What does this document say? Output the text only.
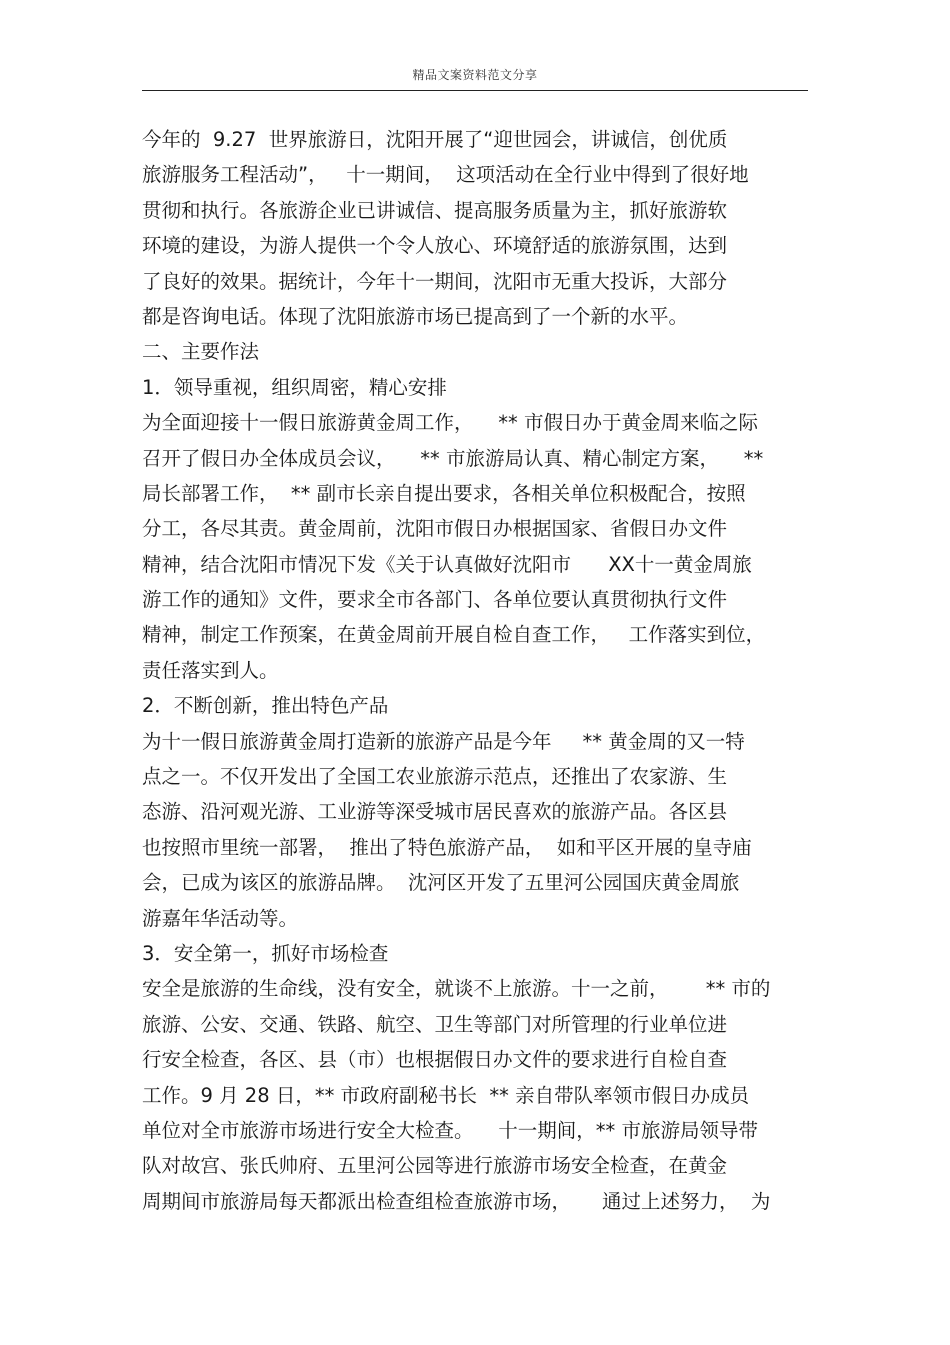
精品文案资料范文分享
今年的  9.27  世界旅游日，沈阳开展了“迎世园会，讲诚信，创优质
旅游服务工程活动”，   十一期间，  这项活动在全行业中得到了很好地
贯彻和执行。各旅游企业已讲诚信、提高服务质量为主，抓好旅游软
环境的建设，为游人提供一个令人放心、环境舒适的旅游氛围，达到
了良好的效果。据统计，今年十一期间，沈阳市无重大投诉，大部分
都是咨询电话。体现了沈阳旅游市场已提高到了一个新的水平。
二、主要作法
1．领导重视，组织周密，精心安排
为全面迎接十一假日旅游黄金周工作，    ** 市假日办于黄金周来临之际
召开了假日办全体成员会议，    ** 市旅游局认真、精心制定方案，    **
局长部署工作，  ** 副市长亲自提出要求，各相关单位积极配合，按照
分工，各尽其责。黄金周前，沈阳市假日办根据国家、省假日办文件
精神，结合沈阳市情况下发《关于认真做好沈阳市      XX十一黄金周旅
游工作的通知》文件，要求全市各部门、各单位要认真贯彻执行文件
精神，制定工作预案，在黄金周前开展自检自查工作，   工作落实到位，
责任落实到人。
2．不断创新，推出特色产品
为十一假日旅游黄金周打造新的旅游产品是今年     ** 黄金周的又一特
点之一。不仅开发出了全国工农业旅游示范点，还推出了农家游、生
态游、沿河观光游、工业游等深受城市居民喜欢的旅游产品。各区县
也按照市里统一部署，  推出了特色旅游产品，  如和平区开展的皇寺庙
会，已成为该区的旅游品牌。  沈河区开发了五里河公园国庆黄金周旅
游嘉年华活动等。
3．安全第一，抓好市场检查
安全是旅游的生命线，没有安全，就谈不上旅游。十一之前，      ** 市的
旅游、公安、交通、铁路、航空、卫生等部门对所管理的行业单位进
行安全检查，各区、县（市）也根据假日办文件的要求进行自检自查
工作。9 月 28 日，** 市政府副秘书长  ** 亲自带队率领市假日办成员
单位对全市旅游市场进行安全大检查。    十一期间，** 市旅游局领导带
队对故宫、张氏帅府、五里河公园等进行旅游市场安全检查，在黄金
周期间市旅游局每天都派出检查组检查旅游市场，     通过上述努力，  为
